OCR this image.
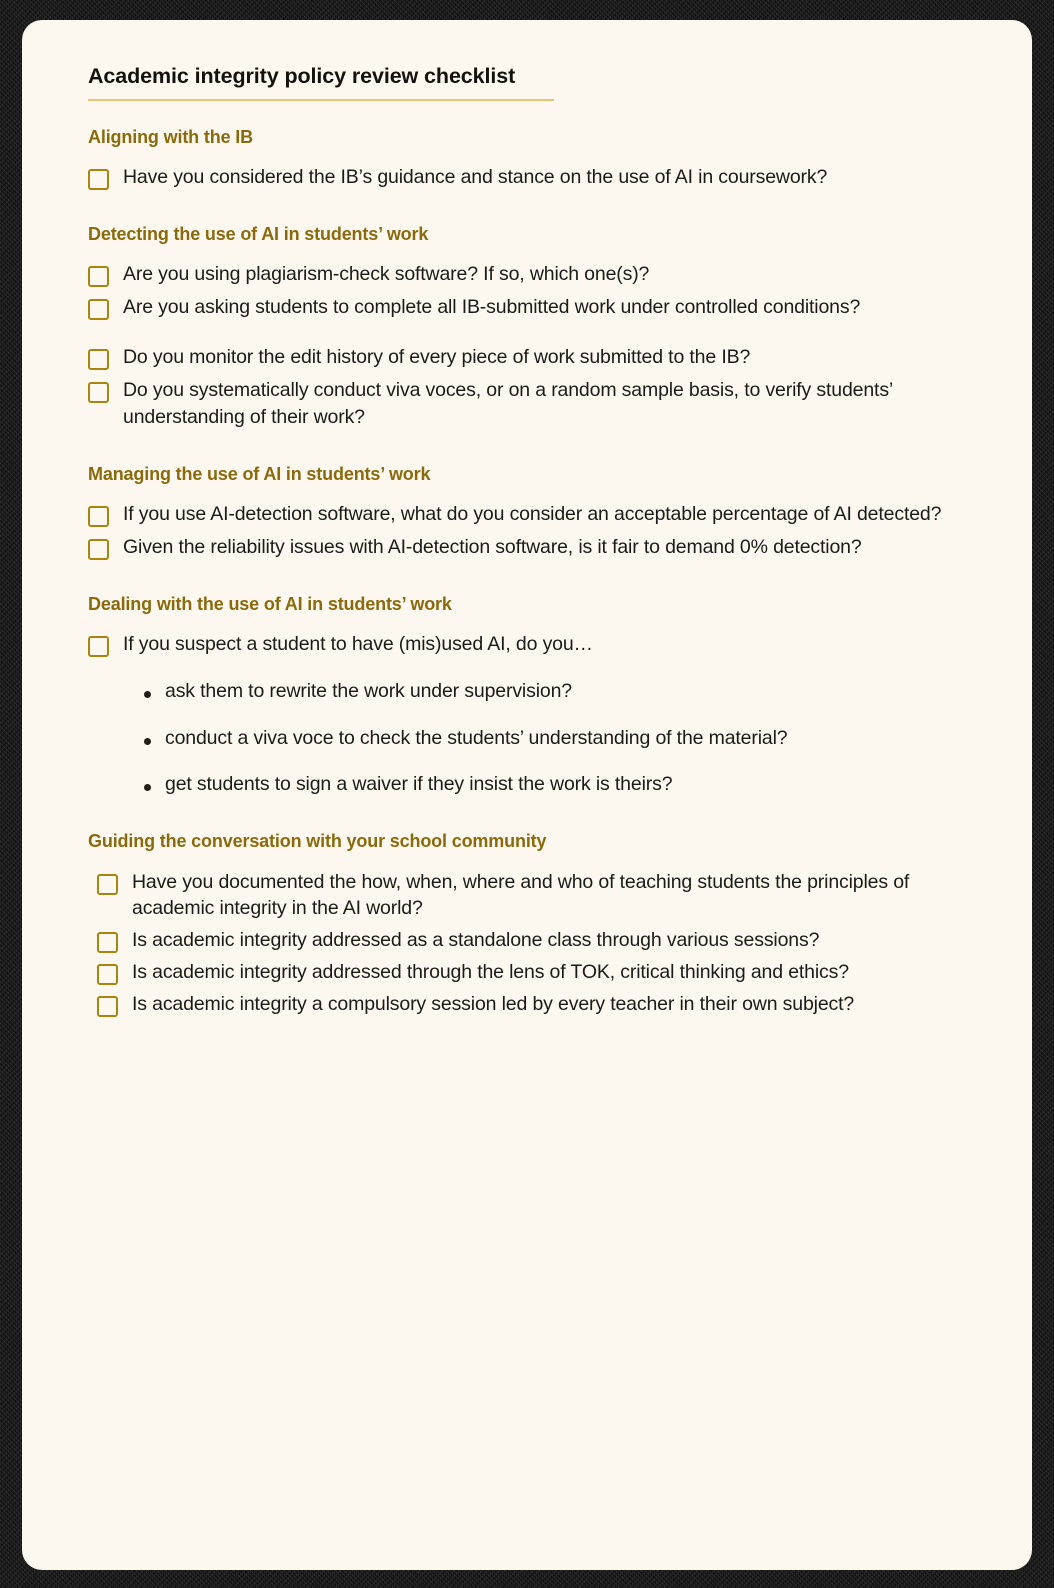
Academic integrity policy review checklist
Aligning with the IB
Have you considered the IB’s guidance and stance on the use of AI in coursework?
Detecting the use of AI in students’ work
Are you using plagiarism-check software? If so, which one(s)?
Are you asking students to complete all IB-submitted work under controlled conditions?
Do you monitor the edit history of every piece of work submitted to the IB?
Do you systematically conduct viva voces, or on a random sample basis, to verify students’ understanding of their work?
Managing the use of AI in students’ work
If you use AI-detection software, what do you consider an acceptable percentage of AI detected?
Given the reliability issues with AI-detection software, is it fair to demand 0% detection?
Dealing with the use of AI in students’ work
If you suspect a student to have (mis)used AI, do you…
ask them to rewrite the work under supervision?
conduct a viva voce to check the students’ understanding of the material?
get students to sign a waiver if they insist the work is theirs?
Guiding the conversation with your school community
Have you documented the how, when, where and who of teaching students the principles of academic integrity in the AI world?
Is academic integrity addressed as a standalone class through various sessions?
Is academic integrity addressed through the lens of TOK, critical thinking and ethics?
Is academic integrity a compulsory session led by every teacher in their own subject?
